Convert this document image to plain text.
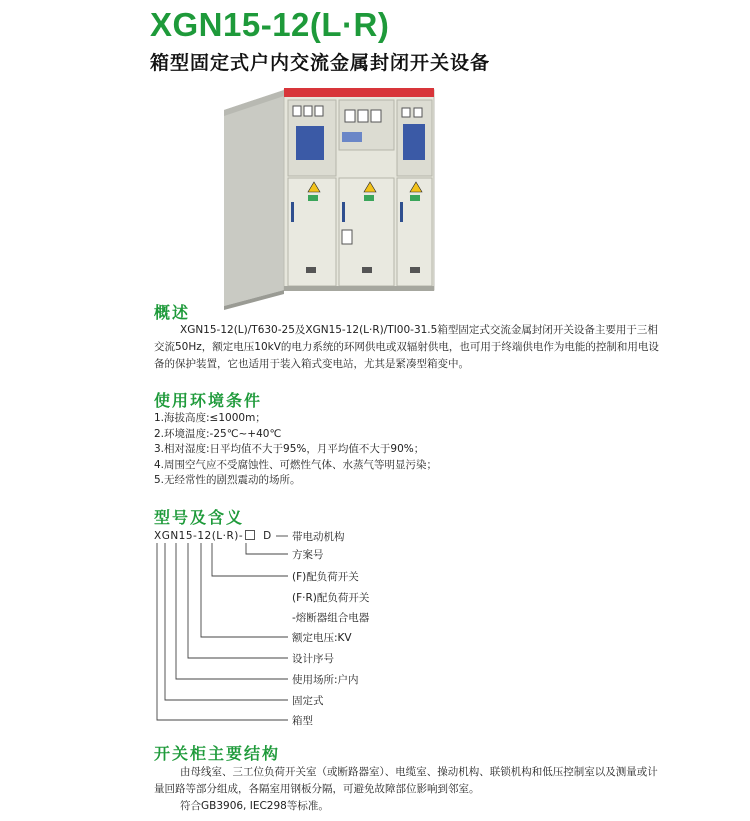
XGN15-12(L·R)
箱型固定式户内交流金属封闭开关设备
概述
XGN15-12(L)/T630-25及XGN15-12(L·R)/TI00-31.5箱型固定式交流金属封闭开关设备主要用于三相交流50Hz，额定电压10kV的电力系统的环网供电或双辐射供电，也可用于终端供电作为电能的控制和用电设备的保护装置，它也适用于装入箱式变电站，尤其是紧凑型箱变中。
使用环境条件
1.海拔高度:≤1000m；
2.环境温度:-25℃~+40℃
3.相对湿度:日平均值不大于95%，月平均值不大于90%；
4.周围空气应不受腐蚀性、可燃性气体、水蒸气等明显污染；
5.无经常性的剧烈震动的场所。
型号及含义
XGN15-12(L·R)- D 带电动机构
方案号
(F)配负荷开关
(F·R)配负荷开关
-熔断器组合电器
额定电压:KV
设计序号
使用场所:户内
固定式
箱型
开关柜主要结构
由母线室、三工位负荷开关室（或断路器室）、电缆室、操动机构、联锁机构和低压控制室以及测量或计量回路等部分组成，各隔室用钢板分隔，可避免故障部位影响到邻室。
符合GB3906, IEC298等标准。
